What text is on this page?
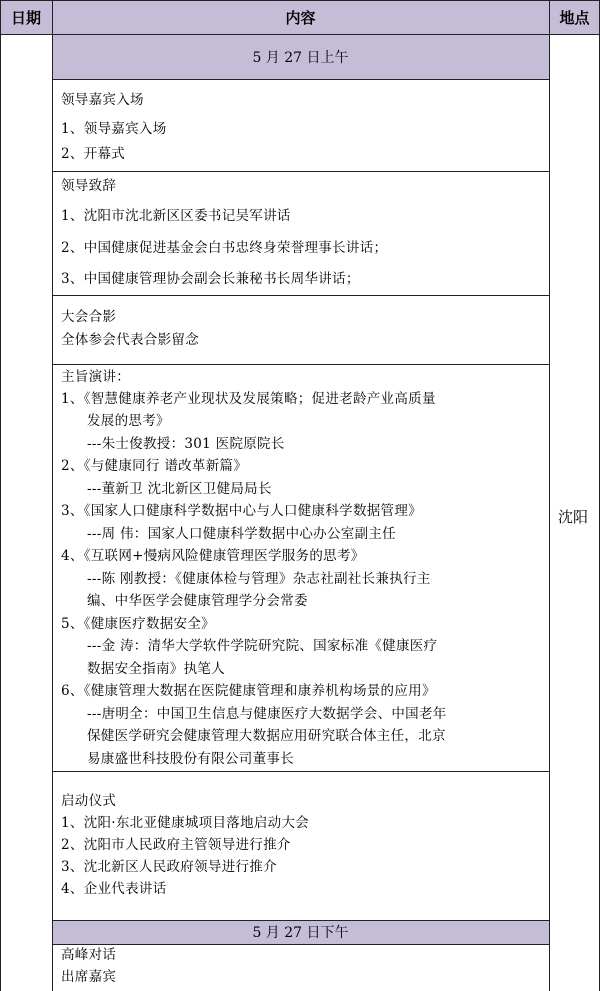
日期	内容	地点
5 月 27 日上午
5 月 27 日下午
沈阳
领导嘉宾入场
1、领导嘉宾入场
2、开幕式
领导致辞
1、沈阳市沈北新区区委书记吴军讲话
2、中国健康促进基金会白书忠终身荣誉理事长讲话；
3、中国健康管理协会副会长兼秘书长周华讲话；
大会合影
全体参会代表合影留念
主旨演讲：
1、《智慧健康养老产业现状及发展策略；促进老龄产业高质量
发展的思考》
---朱士俊教授：301 医院原院长
2、《与健康同行 谱改革新篇》
---董新卫 沈北新区卫健局局长
3、《国家人口健康科学数据中心与人口健康科学数据管理》
---周 伟：国家人口健康科学数据中心办公室副主任
4、《互联网+慢病风险健康管理医学服务的思考》
---陈 刚教授：《健康体检与管理》杂志社副社长兼执行主
编、中华医学会健康管理学分会常委
5、《健康医疗数据安全》
---金 涛：清华大学软件学院研究院、国家标准《健康医疗
数据安全指南》执笔人
6、《健康管理大数据在医院健康管理和康养机构场景的应用》
---唐明全：中国卫生信息与健康医疗大数据学会、中国老年
保健医学研究会健康管理大数据应用研究联合体主任，北京
易康盛世科技股份有限公司董事长
启动仪式
1、沈阳·东北亚健康城项目落地启动大会
2、沈阳市人民政府主管领导进行推介
3、沈北新区人民政府领导进行推介
4、企业代表讲话
高峰对话
出席嘉宾
